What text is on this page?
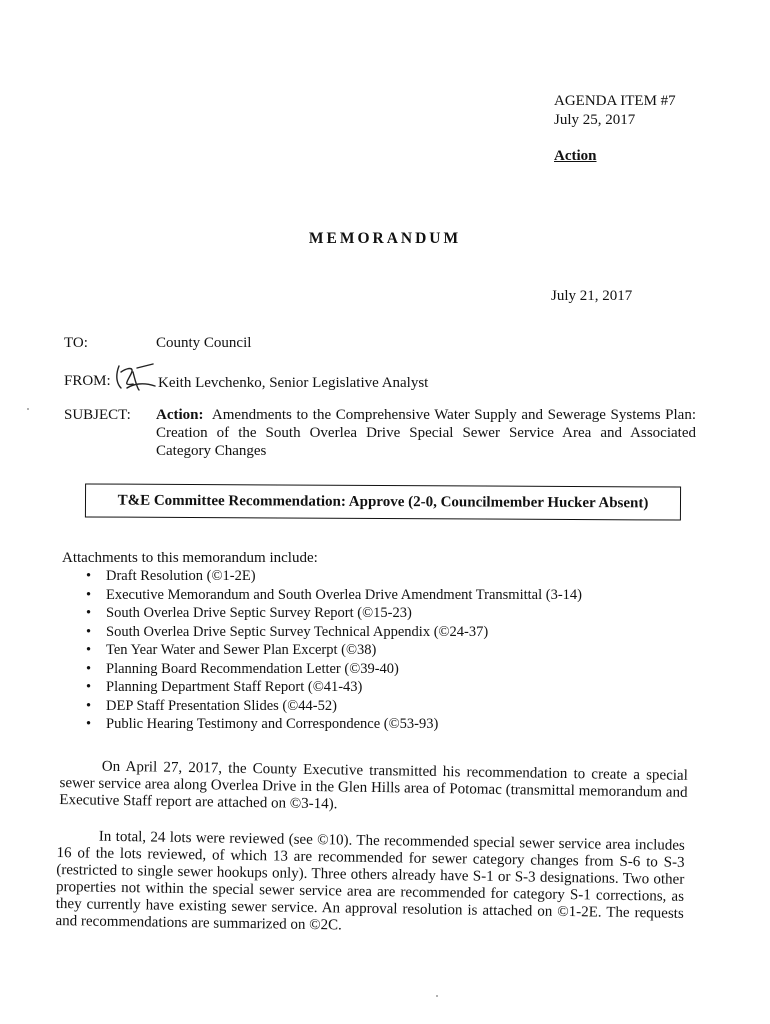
AGENDA ITEM #7
July 25, 2017
Action
MEMORANDUM
July 21, 2017
TO:	County Council
FROM:	Keith Levchenko, Senior Legislative Analyst
SUBJECT: Action: Amendments to the Comprehensive Water Supply and Sewerage Systems Plan: Creation of the South Overlea Drive Special Sewer Service Area and Associated Category Changes
T&E Committee Recommendation: Approve (2-0, Councilmember Hucker Absent)
Attachments to this memorandum include:
• Draft Resolution (©1-2E)
• Executive Memorandum and South Overlea Drive Amendment Transmittal (3-14)
• South Overlea Drive Septic Survey Report (©15-23)
• South Overlea Drive Septic Survey Technical Appendix (©24-37)
• Ten Year Water and Sewer Plan Excerpt (©38)
• Planning Board Recommendation Letter (©39-40)
• Planning Department Staff Report (©41-43)
• DEP Staff Presentation Slides (©44-52)
• Public Hearing Testimony and Correspondence (©53-93)
On April 27, 2017, the County Executive transmitted his recommendation to create a special sewer service area along Overlea Drive in the Glen Hills area of Potomac (transmittal memorandum and Executive Staff report are attached on ©3-14).
In total, 24 lots were reviewed (see ©10). The recommended special sewer service area includes 16 of the lots reviewed, of which 13 are recommended for sewer category changes from S-6 to S-3 (restricted to single sewer hookups only). Three others already have S-1 or S-3 designations. Two other properties not within the special sewer service area are recommended for category S-1 corrections, as they currently have existing sewer service. An approval resolution is attached on ©1-2E. The requests and recommendations are summarized on ©2C.
